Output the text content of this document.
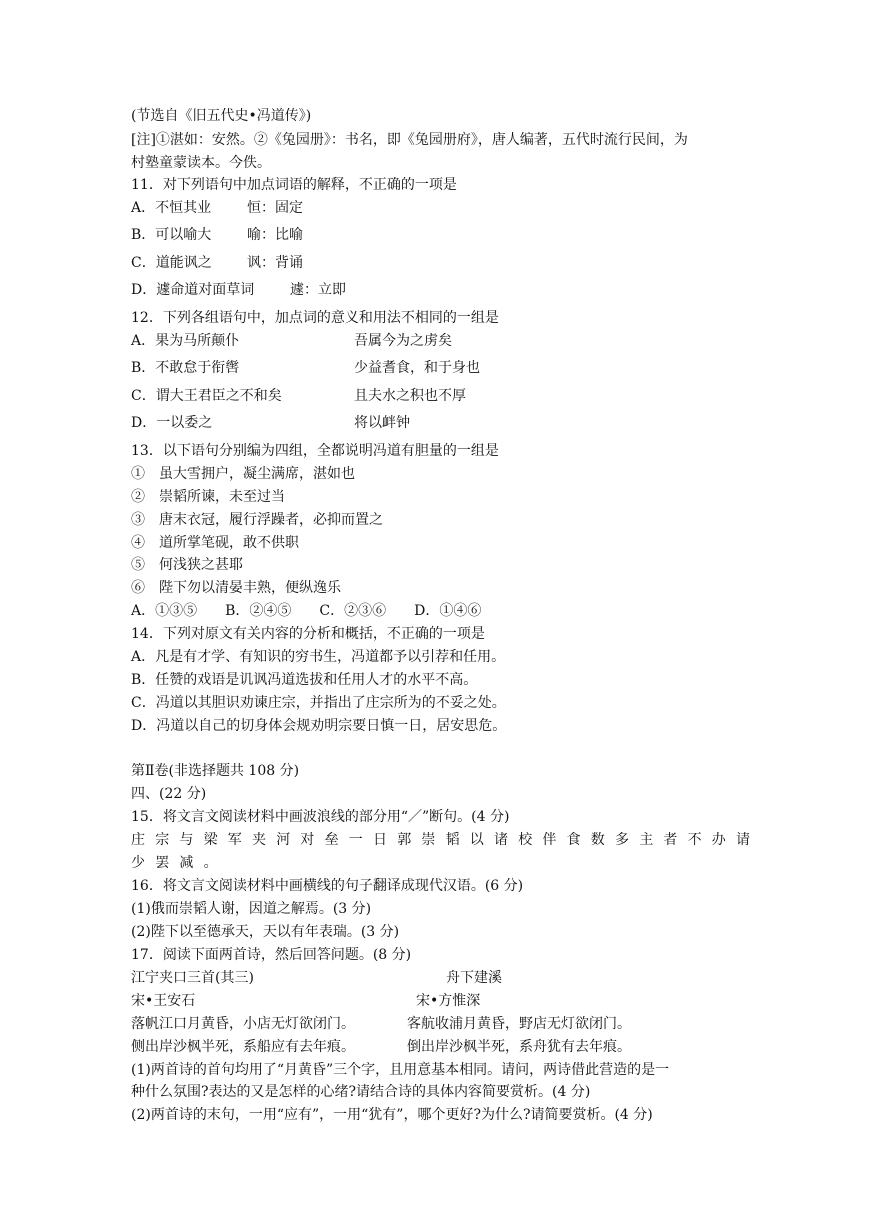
(节选自《旧五代史•冯道传》)
[注]①湛如：安然。②《兔园册》：书名，即《兔园册府》，唐人编著，五代时流行民间，为
村塾童蒙读本。今佚。
11．对下列语句中加点词语的解释，不正确的一项是
A．不恒其业	恒：固定
B．可以喻大	喻：比喻
C．道能讽之	讽：背诵
D．遽命道对面草词	遽：立即
12．下列各组语句中，加点词的意义和用法不相同的一组是
A．果为马所颠仆	吾属今为之虏矣
B．不敢怠于衔辔	少益耆食，和于身也
C．谓大王君臣之不和矣	且夫水之积也不厚
D．一以委之	将以衅钟
13．以下语句分别编为四组，全都说明冯道有胆量的一组是
①　虽大雪拥户，凝尘满席，湛如也
②　崇韬所谏，未至过当
③　唐末衣冠，履行浮躁者，必抑而置之
④　道所掌笔砚，敢不供职
⑤　何浅狭之甚耶
⑥　陛下勿以清晏丰熟，便纵逸乐
A．①③⑤　　B．②④⑤　　C．②③⑥　　D．①④⑥
14．下列对原文有关内容的分析和概括，不正确的一项是
A．凡是有才学、有知识的穷书生，冯道都予以引荐和任用。
B．任赞的戏语是讥讽冯道选拔和任用人才的水平不高。
C．冯道以其胆识劝谏庄宗，并指出了庄宗所为的不妥之处。
D．冯道以自己的切身体会规劝明宗要日慎一日，居安思危。
第Ⅱ卷(非选择题共 108 分)
四、(22 分)
15．将文言文阅读材料中画波浪线的部分用“／”断句。(4 分)
庄宗与梁军夹河对垒一日郭崇韬以诸校伴食数多主者不办请
少罢减。
16．将文言文阅读材料中画横线的句子翻译成现代汉语。(6 分)
(1)俄而崇韬人谢，因道之解焉。(3 分)
(2)陛下以至德承天，天以有年表瑞。(3 分)
17．阅读下面两首诗，然后回答问题。(8 分)
江宁夹口三首(其三)	舟下建溪
宋•王安石	宋•方惟深
落帆江口月黄昏，小店无灯欲闭门。	客航收浦月黄昏，野店无灯欲闭门。
侧出岸沙枫半死，系船应有去年痕。	倒出岸沙枫半死，系舟犹有去年痕。
(1)两首诗的首句均用了“月黄昏”三个字，且用意基本相同。请问，两诗借此营造的是一
种什么氛围?表达的又是怎样的心绪?请结合诗的具体内容简要赏析。(4 分)
(2)两首诗的末句，一用“应有”，一用“犹有”，哪个更好?为什么?请简要赏析。(4 分)
